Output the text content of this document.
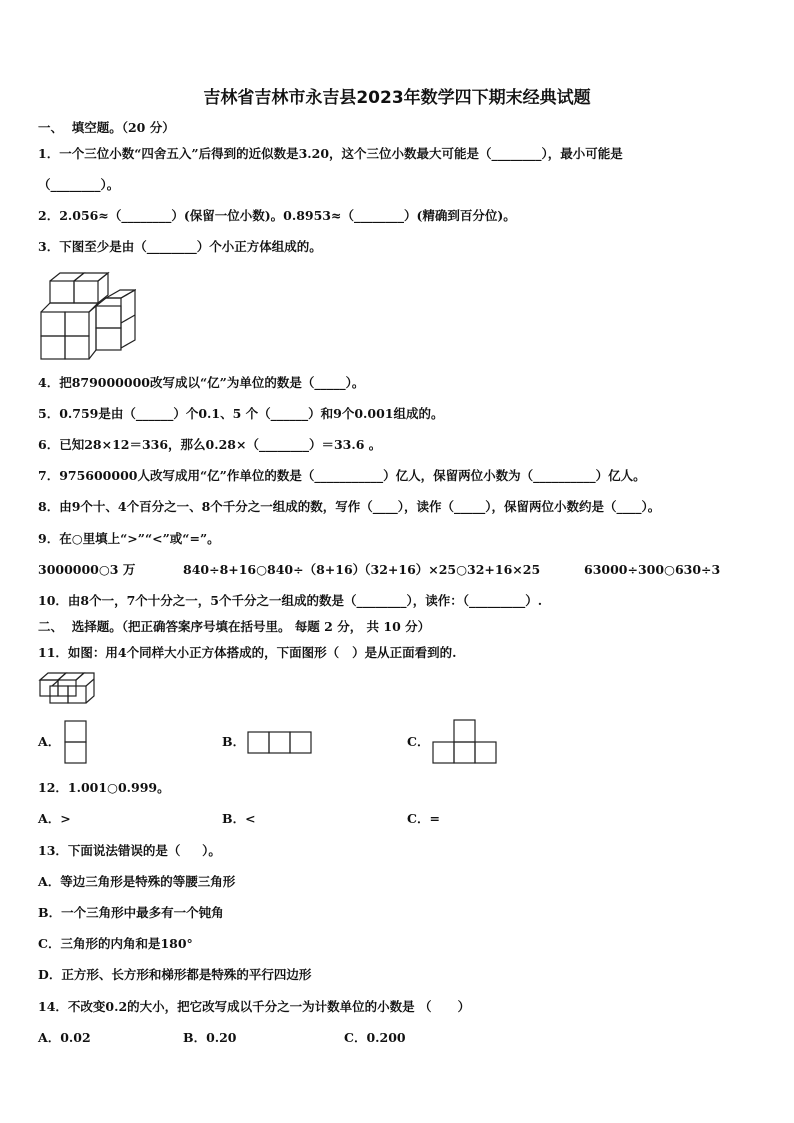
吉林省吉林市永吉县2023年数学四下期末经典试题
一、  填空题。（20 分）
1．一个三位小数“四舍五入”后得到的近似数是3.20，这个三位小数最大可能是（________），最小可能是
（________）。
2．2.056≈（________）(保留一位小数)。0.8953≈（________）(精确到百分位)。
3．下图至少是由（________）个小正方体组成的。
4．把879000000改写成以“亿”为单位的数是（_____）。
5．0.759是由（______）个0.1、5 个（______）和9个0.001组成的。
6．已知28×12＝336，那么0.28×（________）＝33.6 。
7．975600000人改写成用“亿”作单位的数是（___________）亿人，保留两位小数为（__________）亿人。
8．由9个十、4个百分之一、8个千分之一组成的数，写作（____），读作（_____），保留两位小数约是（____）。
9．在○里填上“>”“<”或“=”。
3000000○3 万	840÷8+16○840÷（8+16）
（32+16）×25○32+16×25	63000÷300○630÷3
10．由8个一，7个十分之一，5个千分之一组成的数是（________），读作：（_________）.
二、  选择题。（把正确答案序号填在括号里。 每题 2 分， 共 10 分）
11．如图：用4个同样大小正方体搭成的，下面图形（   ）是从正面看到的.
A．	B．	C．
12．1.001○0.999。
A．>	B．<	C．=
13．下面说法错误的是（     ）。
A．等边三角形是特殊的等腰三角形
B．一个三角形中最多有一个钝角
C．三角形的内角和是180°
D．正方形、长方形和梯形都是特殊的平行四边形
14．不改变0.2的大小，把它改写成以千分之一为计数单位的小数是 （      ）
A．0.02	B．0.20	C．0.200
